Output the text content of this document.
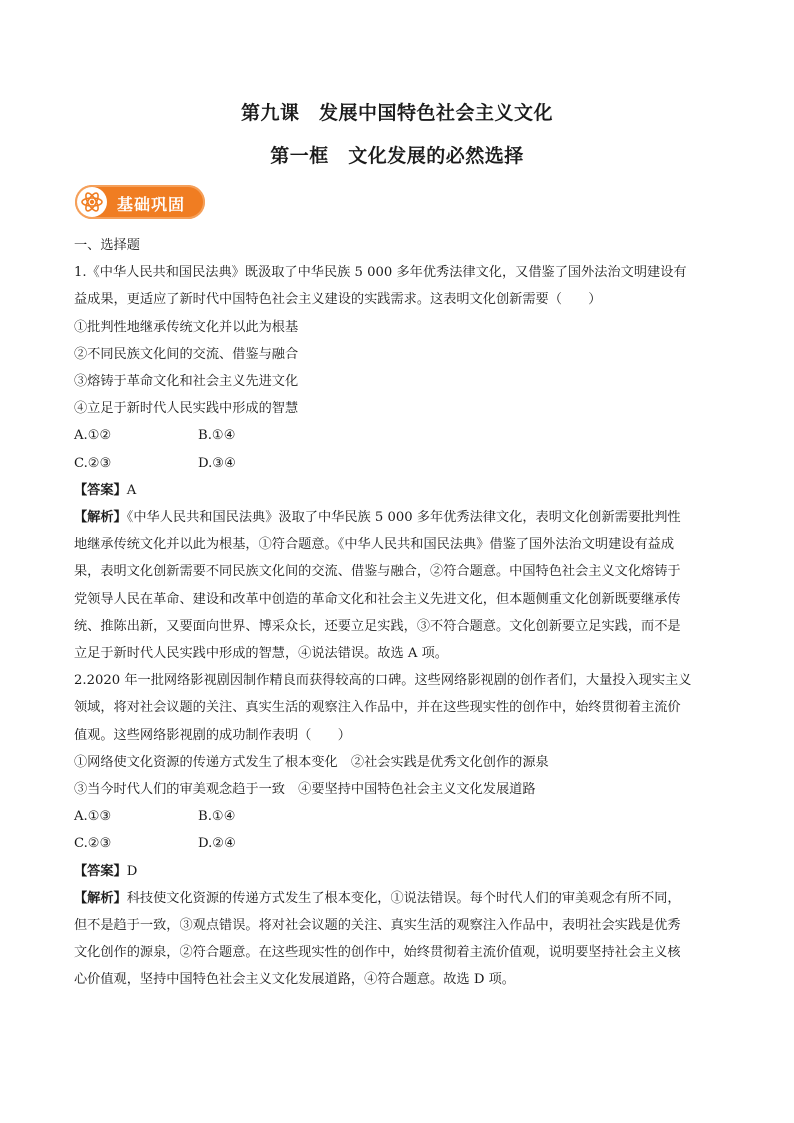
第九课　发展中国特色社会主义文化
第一框　文化发展的必然选择
基础巩固
一、选择题
1.《中华人民共和国民法典》既汲取了中华民族 5 000 多年优秀法律文化，又借鉴了国外法治文明建设有
益成果，更适应了新时代中国特色社会主义建设的实践需求。这表明文化创新需要（　　）
①批判性地继承传统文化并以此为根基
②不同民族文化间的交流、借鉴与融合
③熔铸于革命文化和社会主义先进文化
④立足于新时代人民实践中形成的智慧
A.①②	B.①④
C.②③	D.③④
【答案】A
【解析】《中华人民共和国民法典》汲取了中华民族 5 000 多年优秀法律文化，表明文化创新需要批判性
地继承传统文化并以此为根基，①符合题意。《中华人民共和国民法典》借鉴了国外法治文明建设有益成
果，表明文化创新需要不同民族文化间的交流、借鉴与融合，②符合题意。中国特色社会主义文化熔铸于
党领导人民在革命、建设和改革中创造的革命文化和社会主义先进文化，但本题侧重文化创新既要继承传
统、推陈出新，又要面向世界、博采众长，还要立足实践，③不符合题意。文化创新要立足实践，而不是
立足于新时代人民实践中形成的智慧，④说法错误。故选 A 项。
2.2020 年一批网络影视剧因制作精良而获得较高的口碑。这些网络影视剧的创作者们，大量投入现实主义
领域，将对社会议题的关注、真实生活的观察注入作品中，并在这些现实性的创作中，始终贯彻着主流价
值观。这些网络影视剧的成功制作表明（　　）
①网络使文化资源的传递方式发生了根本变化　②社会实践是优秀文化创作的源泉
③当今时代人们的审美观念趋于一致　④要坚持中国特色社会主义文化发展道路
A.①③	B.①④
C.②③	D.②④
【答案】D
【解析】科技使文化资源的传递方式发生了根本变化，①说法错误。每个时代人们的审美观念有所不同，
但不是趋于一致，③观点错误。将对社会议题的关注、真实生活的观察注入作品中，表明社会实践是优秀
文化创作的源泉，②符合题意。在这些现实性的创作中，始终贯彻着主流价值观，说明要坚持社会主义核
心价值观，坚持中国特色社会主义文化发展道路，④符合题意。故选 D 项。
